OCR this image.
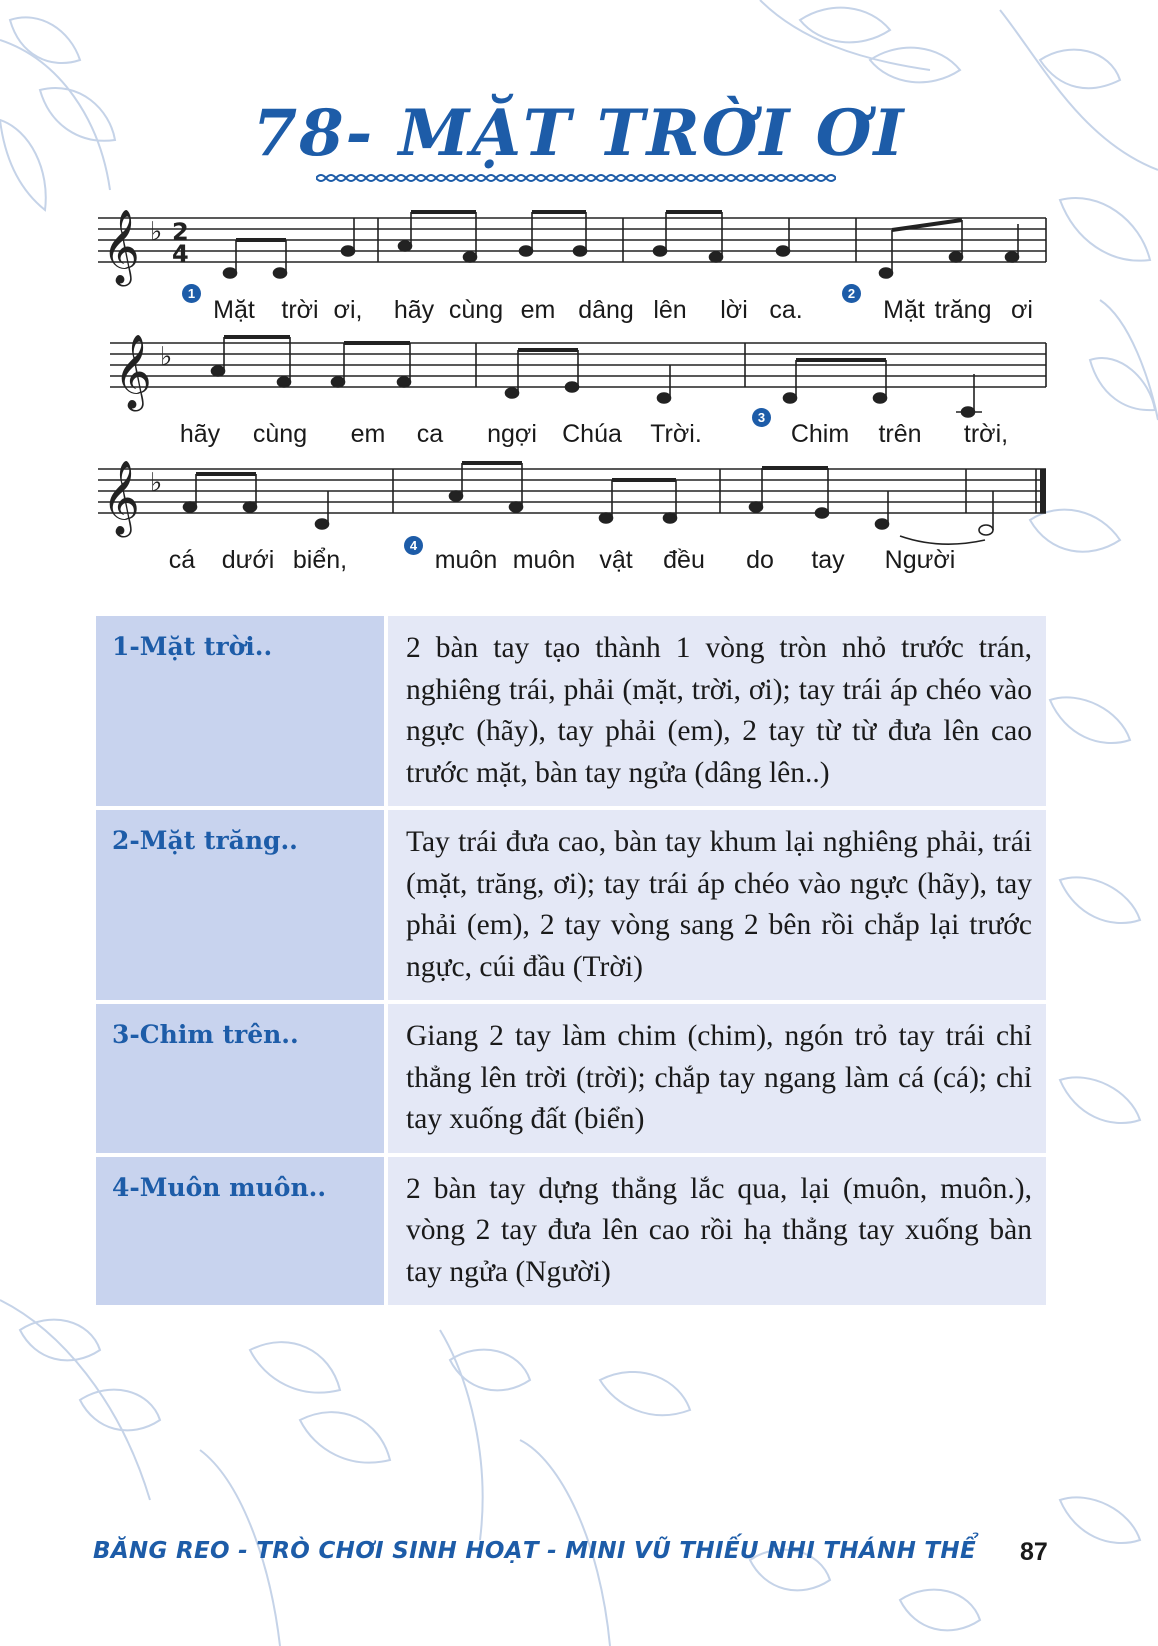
78- MẶT TRỜI ƠI
𝄞
𝄞
𝄞
♭
♭
♭
2
4
1	2
3
4
Mặt trời ơi, hãy cùng em dâng lên lời ca.	Mặt trăng ơi
hãy cùng em ca ngợi Chúa Trời.	Chim trên trời,
cá dưới biển,	muôn muôn vật đều do tay Người
1-Mặt trời..	2 bàn tay tạo thành 1 vòng tròn nhỏ trước trán, nghiêng trái, phải (mặt, trời, ơi); tay trái áp chéo vào ngực (hãy), tay phải (em), 2 tay từ từ đưa lên cao trước mặt, bàn tay ngửa (dâng lên..)
2-Mặt trăng..	Tay trái đưa cao, bàn tay khum lại nghiêng phải, trái (mặt, trăng, ơi); tay trái áp chéo vào ngực (hãy), tay phải (em), 2 tay vòng sang 2 bên rồi chắp lại trước ngực, cúi đầu (Trời)
3-Chim trên..	Giang 2 tay làm chim (chim), ngón trỏ tay trái chỉ thẳng lên trời (trời); chắp tay ngang làm cá (cá); chỉ tay xuống đất (biển)
4-Muôn muôn..	2 bàn tay dựng thẳng lắc qua, lại (muôn, muôn.), vòng 2 tay đưa lên cao rồi hạ thẳng tay xuống bàn tay ngửa (Người)
BĂNG REO - TRÒ CHƠI SINH HOẠT - MINI VŨ THIẾU NHI THÁNH THỂ 87
